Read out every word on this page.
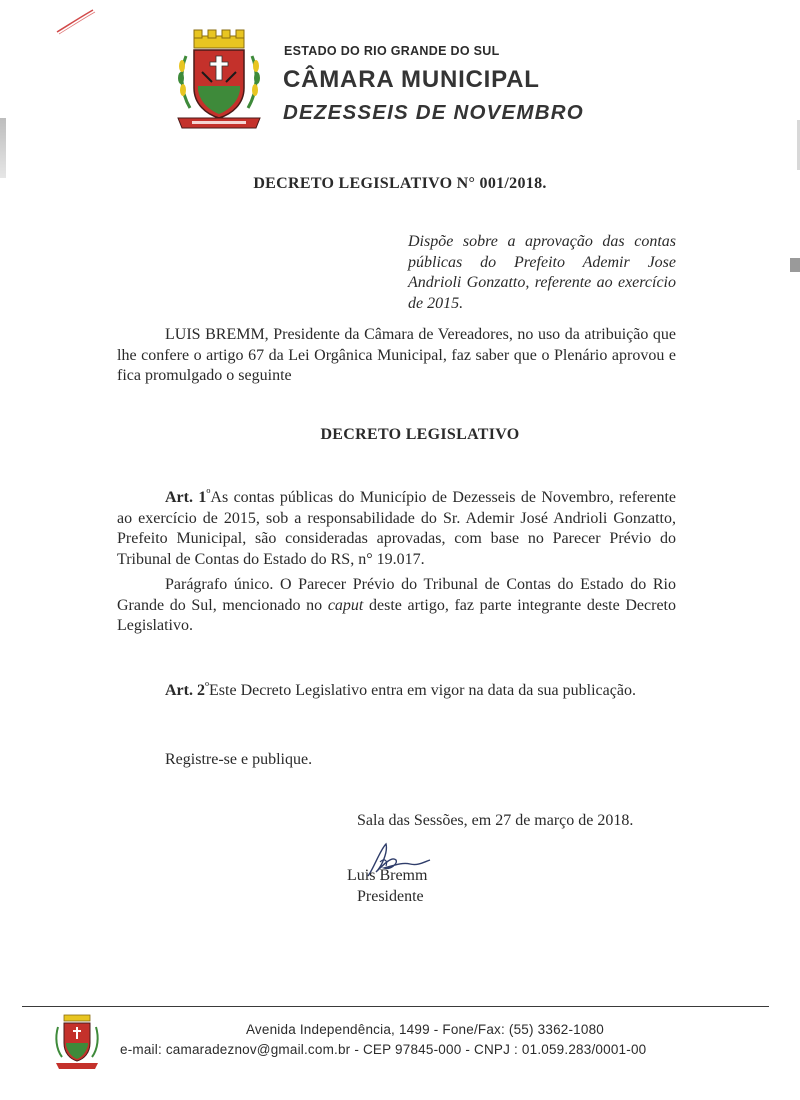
ESTADO DO RIO GRANDE DO SUL
CÂMARA MUNICIPAL
DEZESSEIS DE NOVEMBRO
DECRETO LEGISLATIVO N° 001/2018.
Dispõe sobre a aprovação das contas públicas do Prefeito Ademir Jose Andrioli Gonzatto, referente ao exercício de 2015.
LUIS BREMM, Presidente da Câmara de Vereadores, no uso da atribuição que lhe confere o artigo 67 da Lei Orgânica Municipal, faz saber que o Plenário aprovou e fica promulgado o seguinte
DECRETO LEGISLATIVO
Art. $1^ºAs$ contas públicas do Município de Dezesseis de Novembro, referente ao exercício de 2015, sob a responsabilidade do Sr. Ademir José Andrioli Gonzatto, Prefeito Municipal, são consideradas aprovadas, com base no Parecer Prévio do Tribunal de Contas do Estado do RS, n° 19.017.
Parágrafo único. O Parecer Prévio do Tribunal de Contas do Estado do Rio Grande do Sul, mencionado no caput deste artigo, faz parte integrante deste Decreto Legislativo.
Art. $2^ºEste$ Decreto Legislativo entra em vigor na data da sua publicação.
Registre-se e publique.
Sala das Sessões, em 27 de março de 2018.
Luis Bremm
Presidente
Avenida Independência, 1499 - Fone/Fax: (55) 3362-1080
e-mail: camaradeznov@gmail.com.br - CEP 97845-000 - CNPJ : 01.059.283/0001-00
